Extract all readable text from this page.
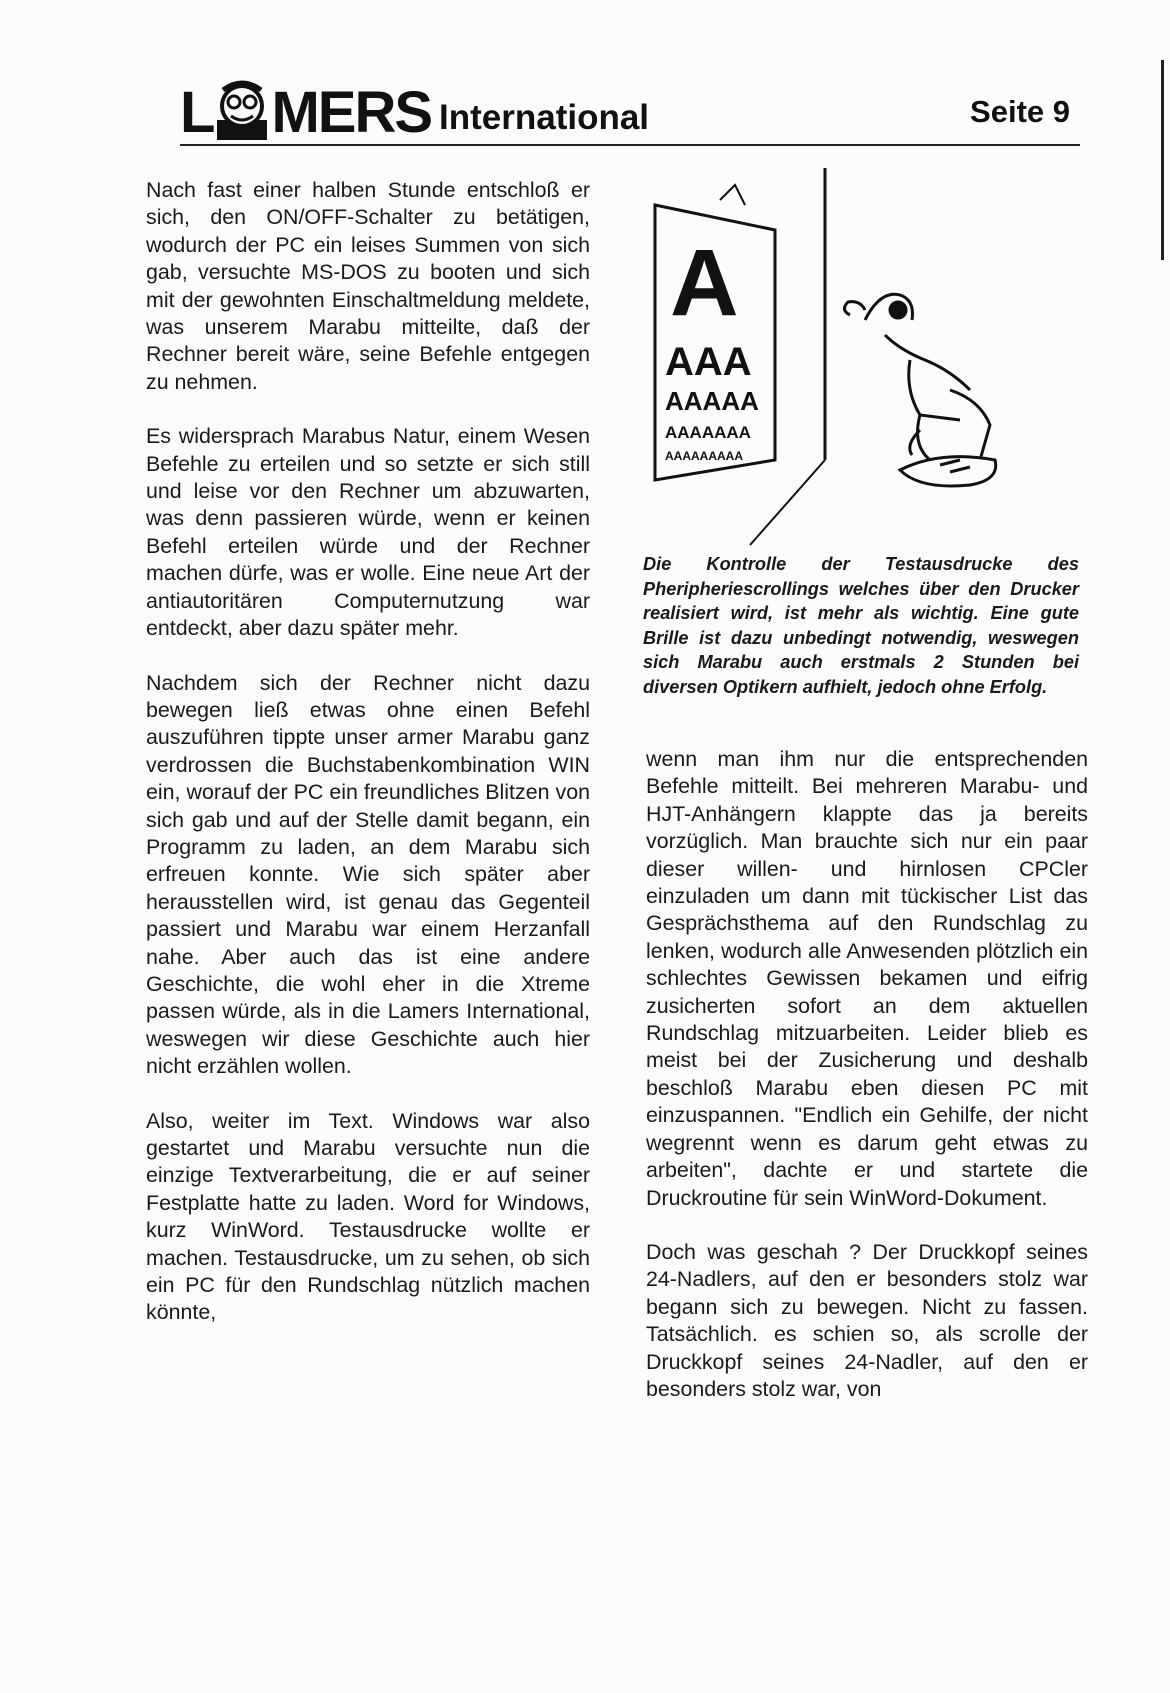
L MERS International	Seite 9

Nach fast einer halben Stunde entschloß er sich, den ON/OFF-Schalter zu betätigen, wodurch der PC ein leises Summen von sich gab, versuchte MS-DOS zu booten und sich mit der gewohnten Einschaltmeldung meldete, was unserem Marabu mitteilte, daß der Rechner bereit wäre, seine Befehle entgegen zu nehmen.

Es widersprach Marabus Natur, einem Wesen Befehle zu erteilen und so setzte er sich still und leise vor den Rechner um abzuwarten, was denn passieren würde, wenn er keinen Befehl erteilen würde und der Rechner machen dürfe, was er wolle. Eine neue Art der antiautoritären Computernutzung war entdeckt, aber dazu später mehr.

Nachdem sich der Rechner nicht dazu bewegen ließ etwas ohne einen Befehl auszuführen tippte unser armer Marabu ganz verdrossen die Buchstabenkombination WIN ein, worauf der PC ein freundliches Blitzen von sich gab und auf der Stelle damit begann, ein Programm zu laden, an dem Marabu sich erfreuen konnte. Wie sich später aber herausstellen wird, ist genau das Gegenteil passiert und Marabu war einem Herzanfall nahe. Aber auch das ist eine andere Geschichte, die wohl eher in die Xtreme passen würde, als in die Lamers International, weswegen wir diese Geschichte auch hier nicht erzählen wollen.

Also, weiter im Text. Windows war also gestartet und Marabu versuchte nun die einzige Textverarbeitung, die er auf seiner Festplatte hatte zu laden. Word for Windows, kurz WinWord. Testausdrucke wollte er machen. Testausdrucke, um zu sehen, ob sich ein PC für den Rundschlag nützlich machen könnte,

A
AAA
AAAAA
AAAAAAA
AAAAAAAAA
Die Kontrolle der Testausdrucke des Pheripheriescrollings welches über den Drucker realisiert wird, ist mehr als wichtig. Eine gute Brille ist dazu unbedingt notwendig, weswegen sich Marabu auch erstmals 2 Stunden bei diversen Optikern aufhielt, jedoch ohne Erfolg.

wenn man ihm nur die entsprechenden Befehle mitteilt. Bei mehreren Marabu- und HJT-Anhängern klappte das ja bereits vorzüglich. Man brauchte sich nur ein paar dieser willen- und hirnlosen CPCler einzuladen um dann mit tückischer List das Gesprächsthema auf den Rundschlag zu lenken, wodurch alle Anwesenden plötzlich ein schlechtes Gewissen bekamen und eifrig zusicherten sofort an dem aktuellen Rundschlag mitzuarbeiten. Leider blieb es meist bei der Zusicherung und deshalb beschloß Marabu eben diesen PC mit einzuspannen. "Endlich ein Gehilfe, der nicht wegrennt wenn es darum geht etwas zu arbeiten", dachte er und startete die Druckroutine für sein WinWord-Dokument.

Doch was geschah ? Der Druckkopf seines 24-Nadlers, auf den er besonders stolz war begann sich zu bewegen. Nicht zu fassen. Tatsächlich. es schien so, als scrolle der Druckkopf seines 24-Nadler, auf den er besonders stolz war, von
